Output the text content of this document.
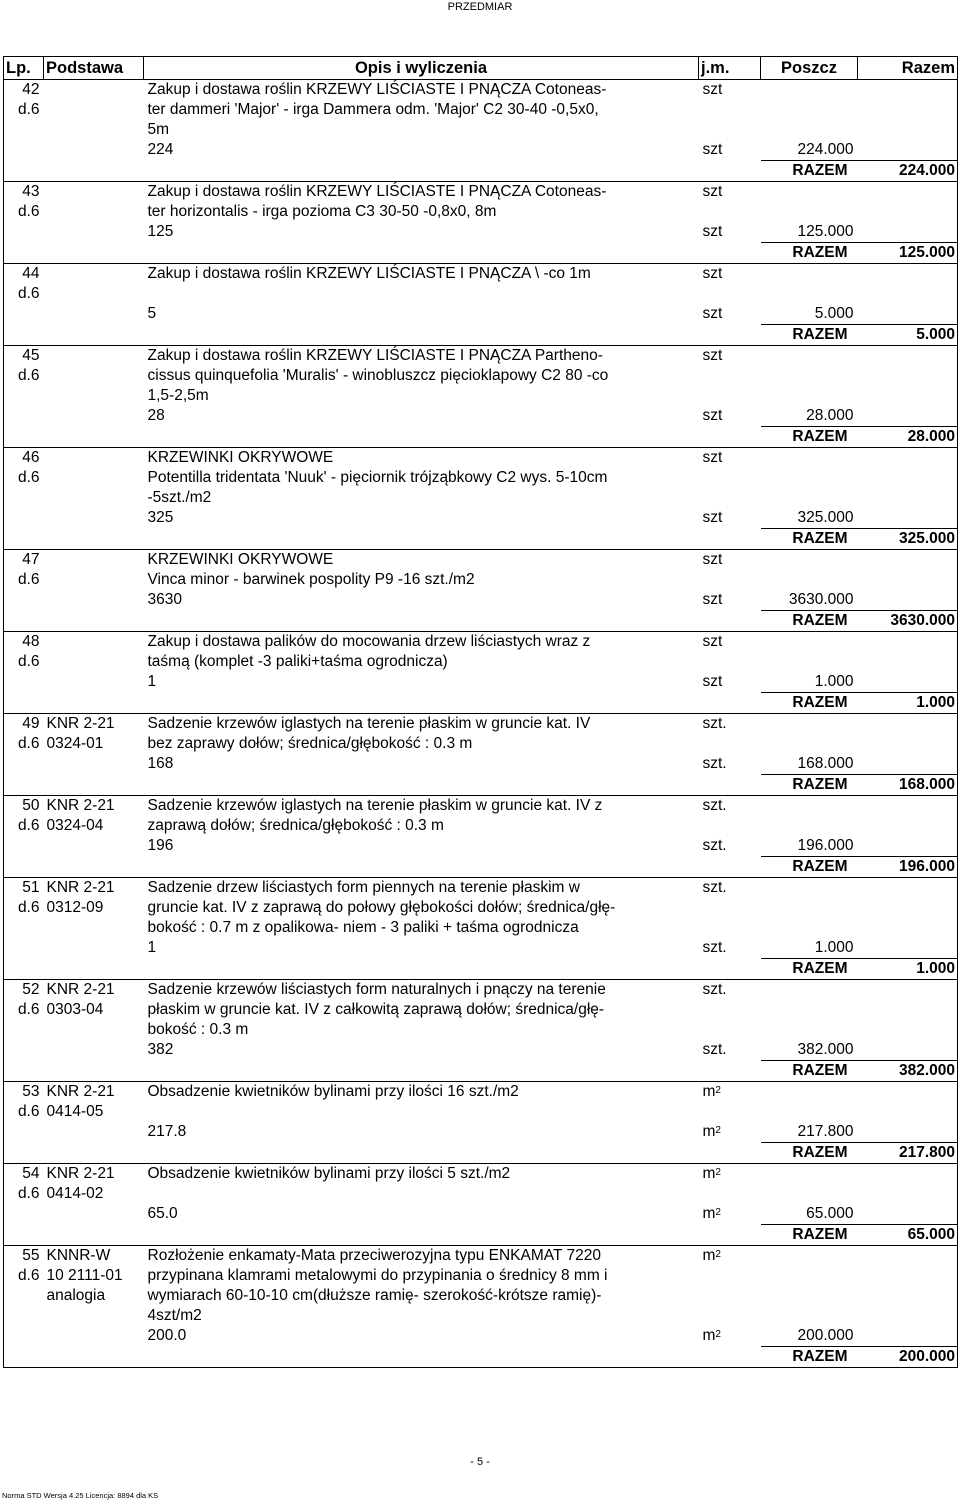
PRZEDMIAR
Lp.	Podstawa	Opis i wyliczenia	j.m.	Poszcz	Razem
42		Zakup i dostawa roślin KRZEWY LIŚCIASTE I PNĄCZA Cotoneas-	szt		
d.6		ter dammeri 'Major' - irga Dammera odm. 'Major' C2 30-40 -0,5x0,			
		5m			
		224	szt	224.000	
				RAZEM	224.000
43		Zakup i dostawa roślin KRZEWY LIŚCIASTE I PNĄCZA Cotoneas-	szt		
d.6		ter horizontalis - irga pozioma C3 30-50 -0,8x0, 8m			
		125	szt	125.000	
				RAZEM	125.000
44		Zakup i dostawa roślin KRZEWY LIŚCIASTE I PNĄCZA \ -co 1m	szt		
d.6					
		5	szt	5.000	
				RAZEM	5.000
45		Zakup i dostawa roślin KRZEWY LIŚCIASTE I PNĄCZA Partheno-	szt		
d.6		cissus quinquefolia 'Muralis' - winobluszcz pięcioklapowy C2 80 -co			
		1,5-2,5m			
		28	szt	28.000	
				RAZEM	28.000
46		KRZEWINKI OKRYWOWE	szt		
d.6		Potentilla tridentata 'Nuuk' - pięciornik trójząbkowy C2 wys. 5-10cm			
		-5szt./m2			
		325	szt	325.000	
				RAZEM	325.000
47		KRZEWINKI OKRYWOWE	szt		
d.6		Vinca minor - barwinek pospolity P9 -16 szt./m2			
		3630	szt	3630.000	
				RAZEM	3630.000
48		Zakup i dostawa palików do mocowania drzew liściastych wraz z	szt		
d.6		taśmą (komplet -3 paliki+taśma ogrodnicza)			
		1	szt	1.000	
				RAZEM	1.000
49	KNR 2-21	Sadzenie krzewów iglastych na terenie płaskim w gruncie kat. IV	szt.		
d.6	0324-01	bez zaprawy dołów; średnica/głębokość : 0.3 m			
		168	szt.	168.000	
				RAZEM	168.000
50	KNR 2-21	Sadzenie krzewów iglastych na terenie płaskim w gruncie kat. IV z	szt.		
d.6	0324-04	zaprawą dołów; średnica/głębokość : 0.3 m			
		196	szt.	196.000	
				RAZEM	196.000
51	KNR 2-21	Sadzenie drzew liściastych form piennych na terenie płaskim w	szt.		
d.6	0312-09	gruncie kat. IV z zaprawą do połowy głębokości dołów; średnica/głę-			
		bokość : 0.7 m z opalikowa- niem - 3 paliki + taśma ogrodnicza			
		1	szt.	1.000	
				RAZEM	1.000
52	KNR 2-21	Sadzenie krzewów liściastych form naturalnych i pnączy na terenie	szt.		
d.6	0303-04	płaskim w gruncie kat. IV z całkowitą zaprawą dołów; średnica/głę-			
		bokość : 0.3 m			
		382	szt.	382.000	
				RAZEM	382.000
53	KNR 2-21	Obsadzenie kwietników bylinami przy ilości 16 szt./m2	$m^2$		
d.6	0414-05				
		217.8	$m^2$	217.800	
				RAZEM	217.800
54	KNR 2-21	Obsadzenie kwietników bylinami przy ilości 5 szt./m2	$m^2$		
d.6	0414-02				
		65.0	$m^2$	65.000	
				RAZEM	65.000
55	KNNR-W	Rozłożenie enkamaty-Mata przeciwerozyjna typu ENKAMAT 7220	$m^2$		
d.6	10 2111-01	przypinana klamrami metalowymi do przypinania o średnicy 8 mm i			
	analogia	wymiarach 60-10-10 cm(dłuższe ramię- szerokość-krótsze ramię)-			
		4szt/m2			
		200.0	$m^2$	200.000	
				RAZEM	200.000
- 5 -
Norma STD Wersja 4.25 Licencja: 8894 dla KS
